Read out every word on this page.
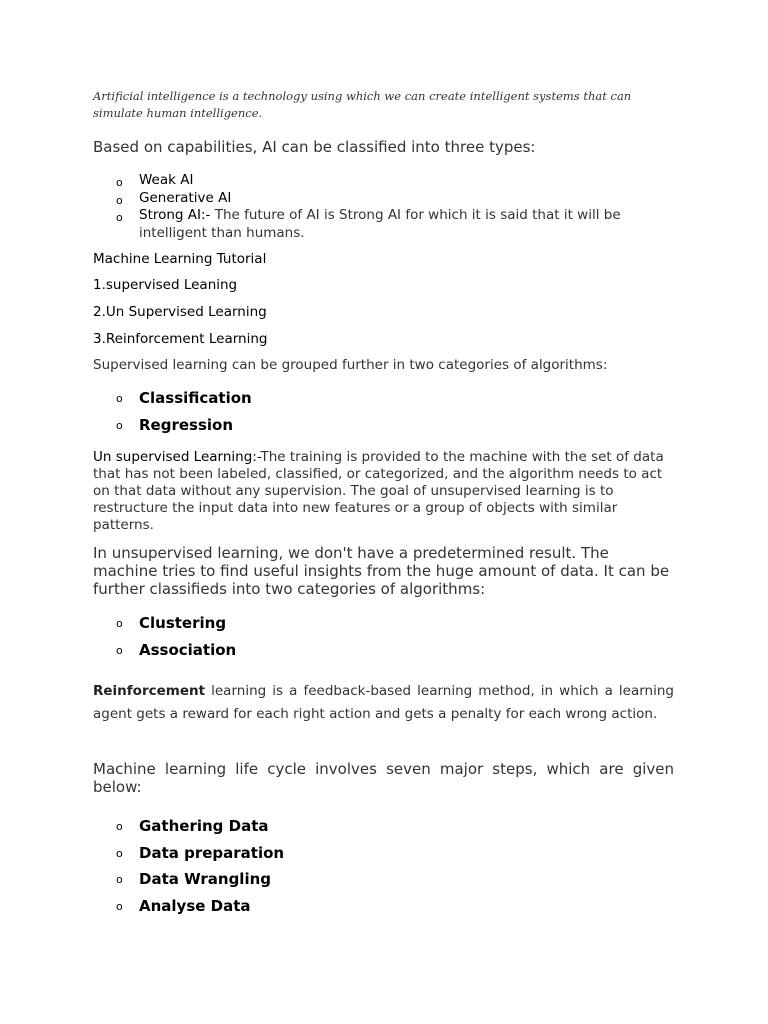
Artificial intelligence is a technology using which we can create intelligent systems that can simulate human intelligence.

Based on capabilities, AI can be classified into three types:

o Weak AI
o Generative AI
o Strong AI:- The future of AI is Strong AI for which it is said that it will be intelligent than humans.

Machine Learning Tutorial

1.supervised Leaning

2.Un Supervised Learning

3.Reinforcement Learning

Supervised learning can be grouped further in two categories of algorithms:

o Classification
o Regression

Un supervised Learning:-The training is provided to the machine with the set of data that has not been labeled, classified, or categorized, and the algorithm needs to act on that data without any supervision. The goal of unsupervised learning is to restructure the input data into new features or a group of objects with similar patterns.

In unsupervised learning, we don't have a predetermined result. The machine tries to find useful insights from the huge amount of data. It can be further classifieds into two categories of algorithms:

o Clustering
o Association

Reinforcement learning is a feedback-based learning method, in which a learning agent gets a reward for each right action and gets a penalty for each wrong action.

Machine learning life cycle involves seven major steps, which are given below:

o Gathering Data
o Data preparation
o Data Wrangling
o Analyse Data
